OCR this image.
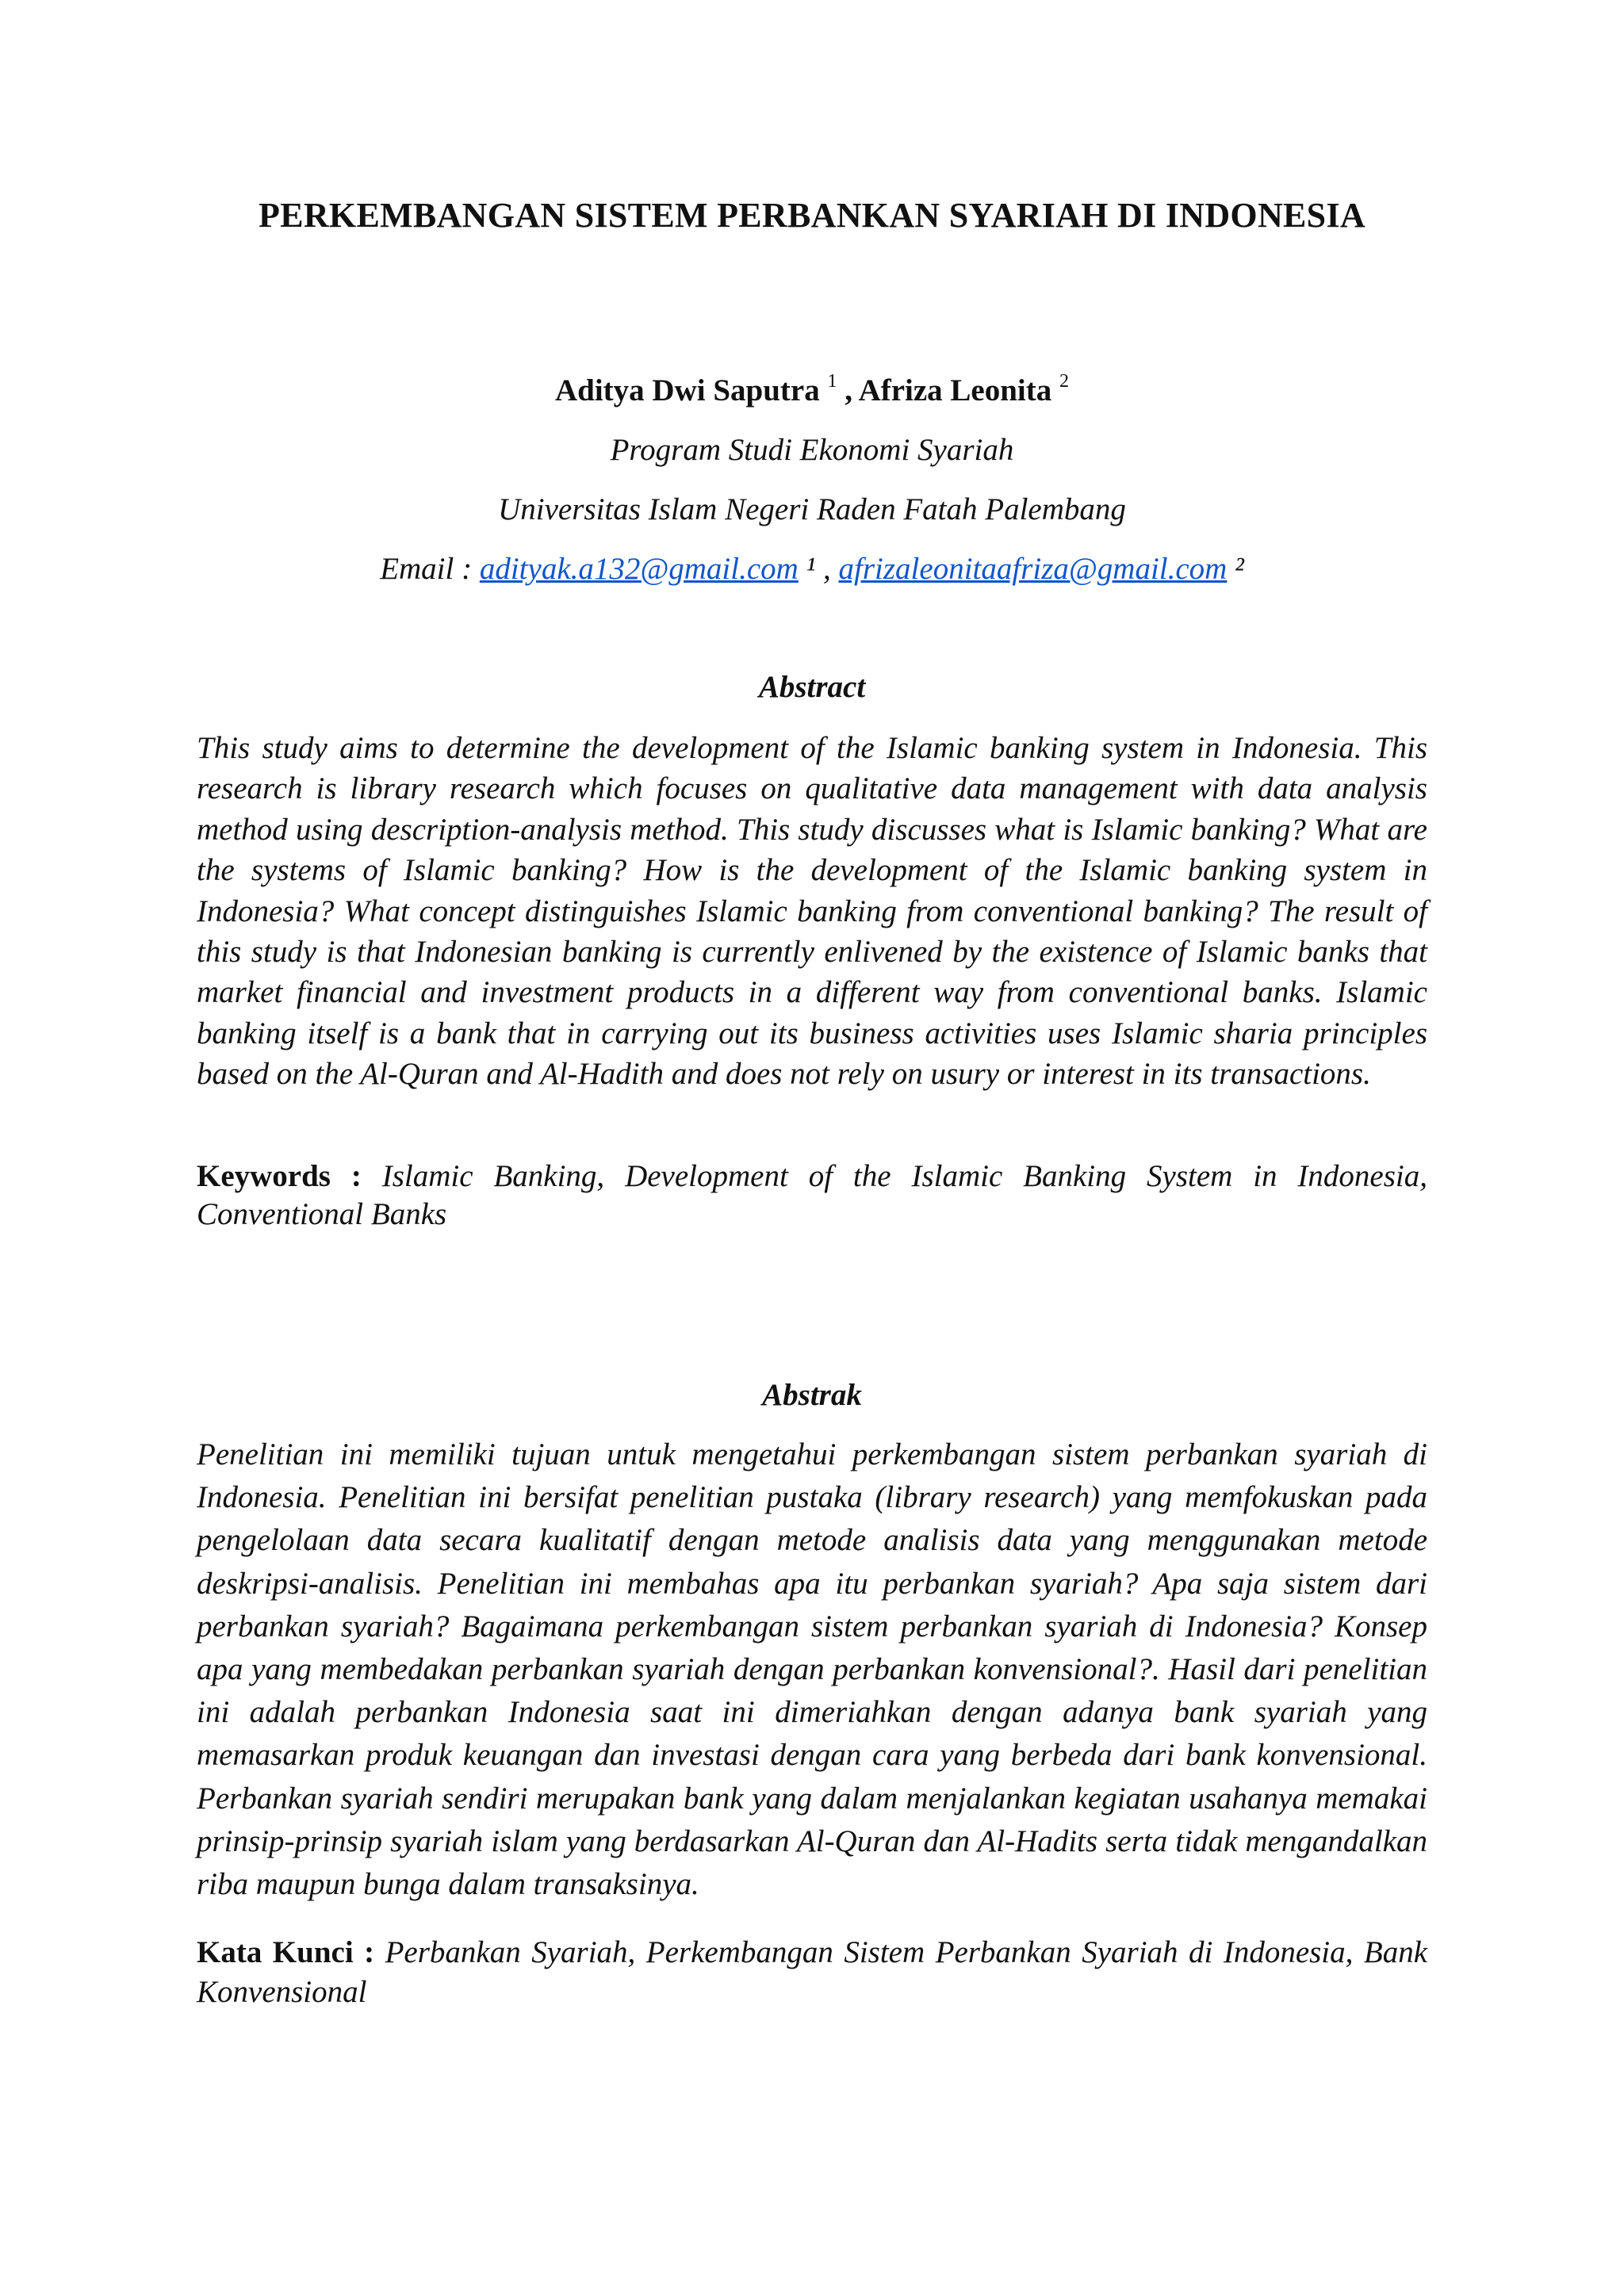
PERKEMBANGAN SISTEM PERBANKAN SYARIAH DI INDONESIA
Aditya Dwi Saputra $^1$ , Afriza Leonita $^2$
Program Studi Ekonomi Syariah
Universitas Islam Negeri Raden Fatah Palembang
Email : adityak.a132@gmail.com ¹ , afrizaleonitaafriza@gmail.com ²
Abstract
This study aims to determine the development of the Islamic banking system in Indonesia. This research is library research which focuses on qualitative data management with data analysis method using description-analysis method. This study discusses what is Islamic banking? What are the systems of Islamic banking? How is the development of the Islamic banking system in Indonesia? What concept distinguishes Islamic banking from conventional banking? The result of this study is that Indonesian banking is currently enlivened by the existence of Islamic banks that market financial and investment products in a different way from conventional banks. Islamic banking itself is a bank that in carrying out its business activities uses Islamic sharia principles based on the Al-Quran and Al-Hadith and does not rely on usury or interest in its transactions.
Keywords : Islamic Banking, Development of the Islamic Banking System in Indonesia, Conventional Banks
Abstrak
Penelitian ini memiliki tujuan untuk mengetahui perkembangan sistem perbankan syariah di Indonesia. Penelitian ini bersifat penelitian pustaka (library research) yang memfokuskan pada pengelolaan data secara kualitatif dengan metode analisis data yang menggunakan metode deskripsi-analisis. Penelitian ini membahas apa itu perbankan syariah? Apa saja sistem dari perbankan syariah? Bagaimana perkembangan sistem perbankan syariah di Indonesia? Konsep apa yang membedakan perbankan syariah dengan perbankan konvensional?. Hasil dari penelitian ini adalah perbankan Indonesia saat ini dimeriahkan dengan adanya bank syariah yang memasarkan produk keuangan dan investasi dengan cara yang berbeda dari bank konvensional. Perbankan syariah sendiri merupakan bank yang dalam menjalankan kegiatan usahanya memakai prinsip-prinsip syariah islam yang berdasarkan Al-Quran dan Al-Hadits serta tidak mengandalkan riba maupun bunga dalam transaksinya.
Kata Kunci : Perbankan Syariah, Perkembangan Sistem Perbankan Syariah di Indonesia, Bank Konvensional
